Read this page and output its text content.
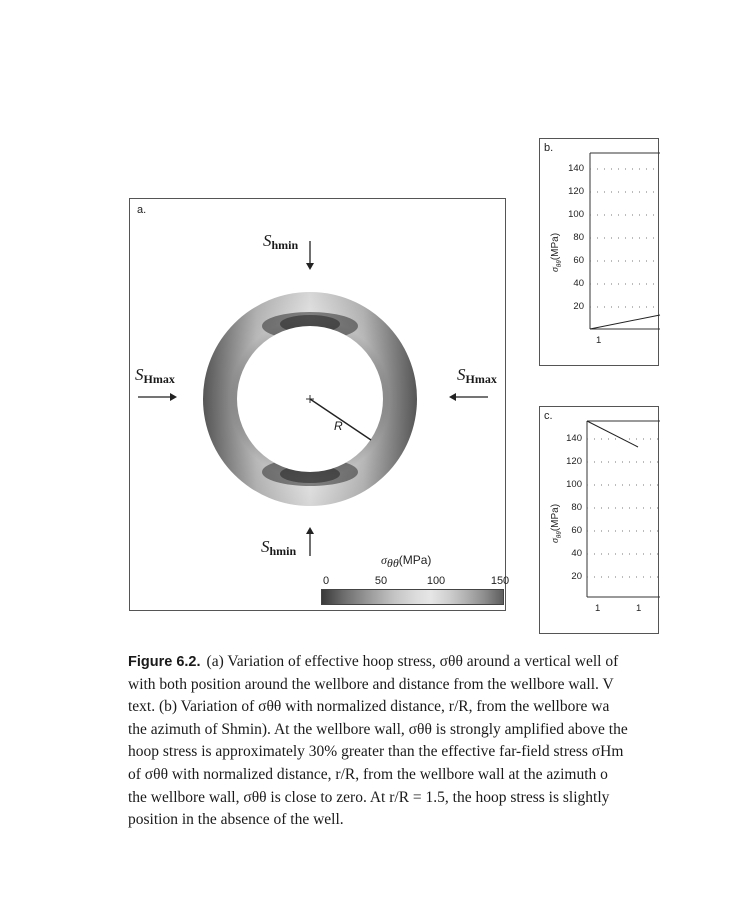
a.
$S_{hmin}$
$S_{hmin}$
$S_{Hmax}$	$S_{Hmax}$
R
$\sigma_{\theta\theta}(MPa)$
0	50	100	150
b.
$\sigma_{\theta\theta}(MPa)$
140
120
100
80
60
40
20
1
c.
$\sigma_{\theta\theta}(MPa)$
140
120
100
80
60
40
20
1	1
Figure 6.2. (a) Variation of effective hoop stress, σθθ around a vertical well of
with both position around the wellbore and distance from the wellbore wall. V
text. (b) Variation of σθθ with normalized distance, r/R, from the wellbore wa
the azimuth of Shmin). At the wellbore wall, σθθ is strongly amplified above the
hoop stress is approximately 30% greater than the effective far-field stress σHm
of σθθ with normalized distance, r/R, from the wellbore wall at the azimuth o
the wellbore wall, σθθ is close to zero. At r/R = 1.5, the hoop stress is slightly
position in the absence of the well.
